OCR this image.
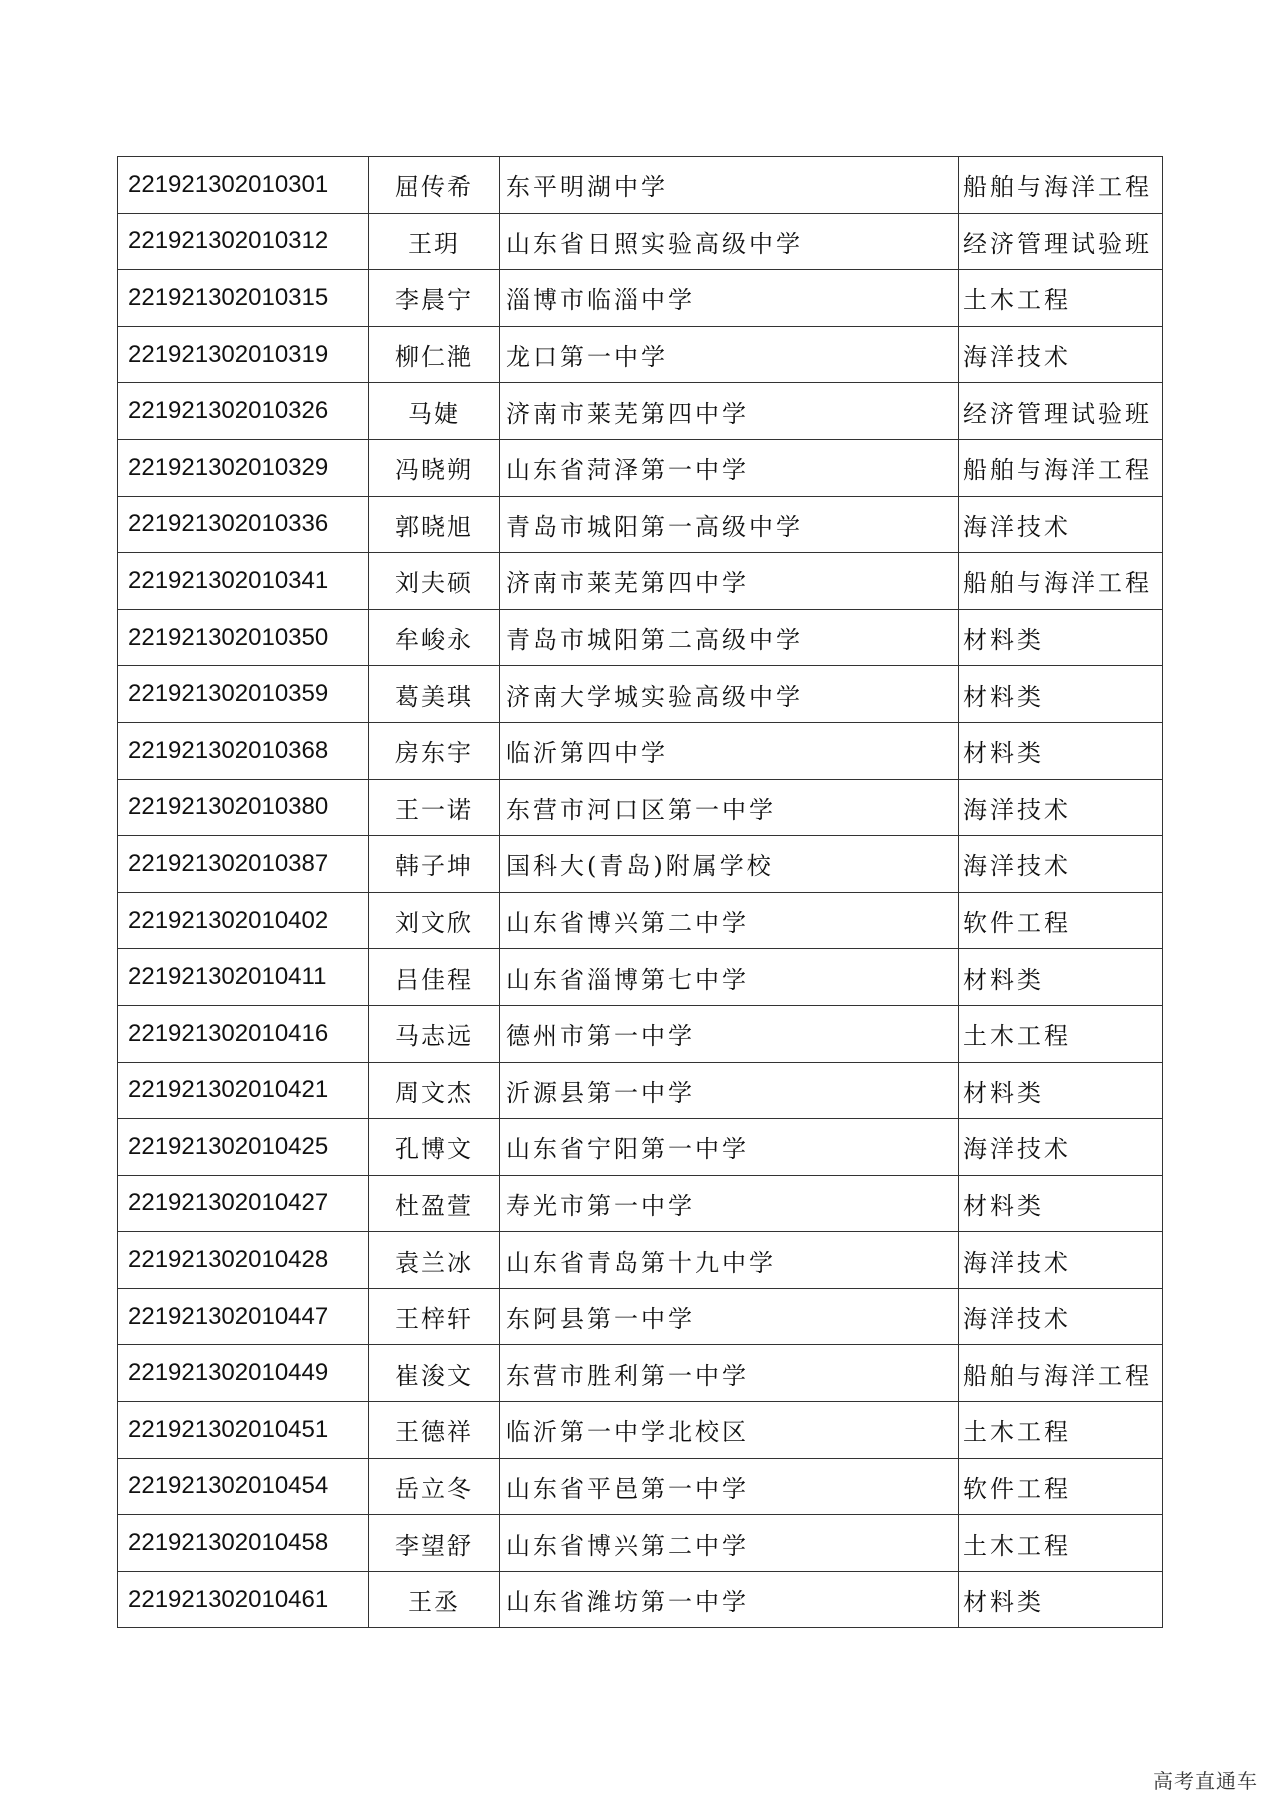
221921302010301	屈传希	东平明湖中学	船舶与海洋工程
221921302010312	王玥	山东省日照实验高级中学	经济管理试验班
221921302010315	李晨宁	淄博市临淄中学	土木工程
221921302010319	柳仁滟	龙口第一中学	海洋技术
221921302010326	马婕	济南市莱芜第四中学	经济管理试验班
221921302010329	冯晓朔	山东省菏泽第一中学	船舶与海洋工程
221921302010336	郭晓旭	青岛市城阳第一高级中学	海洋技术
221921302010341	刘夫硕	济南市莱芜第四中学	船舶与海洋工程
221921302010350	牟峻永	青岛市城阳第二高级中学	材料类
221921302010359	葛美琪	济南大学城实验高级中学	材料类
221921302010368	房东宇	临沂第四中学	材料类
221921302010380	王一诺	东营市河口区第一中学	海洋技术
221921302010387	韩子坤	国科大(青岛)附属学校	海洋技术
221921302010402	刘文欣	山东省博兴第二中学	软件工程
221921302010411	吕佳程	山东省淄博第七中学	材料类
221921302010416	马志远	德州市第一中学	土木工程
221921302010421	周文杰	沂源县第一中学	材料类
221921302010425	孔博文	山东省宁阳第一中学	海洋技术
221921302010427	杜盈萱	寿光市第一中学	材料类
221921302010428	袁兰冰	山东省青岛第十九中学	海洋技术
221921302010447	王梓轩	东阿县第一中学	海洋技术
221921302010449	崔浚文	东营市胜利第一中学	船舶与海洋工程
221921302010451	王德祥	临沂第一中学北校区	土木工程
221921302010454	岳立冬	山东省平邑第一中学	软件工程
221921302010458	李望舒	山东省博兴第二中学	土木工程
221921302010461	王丞	山东省潍坊第一中学	材料类
高考直通车
